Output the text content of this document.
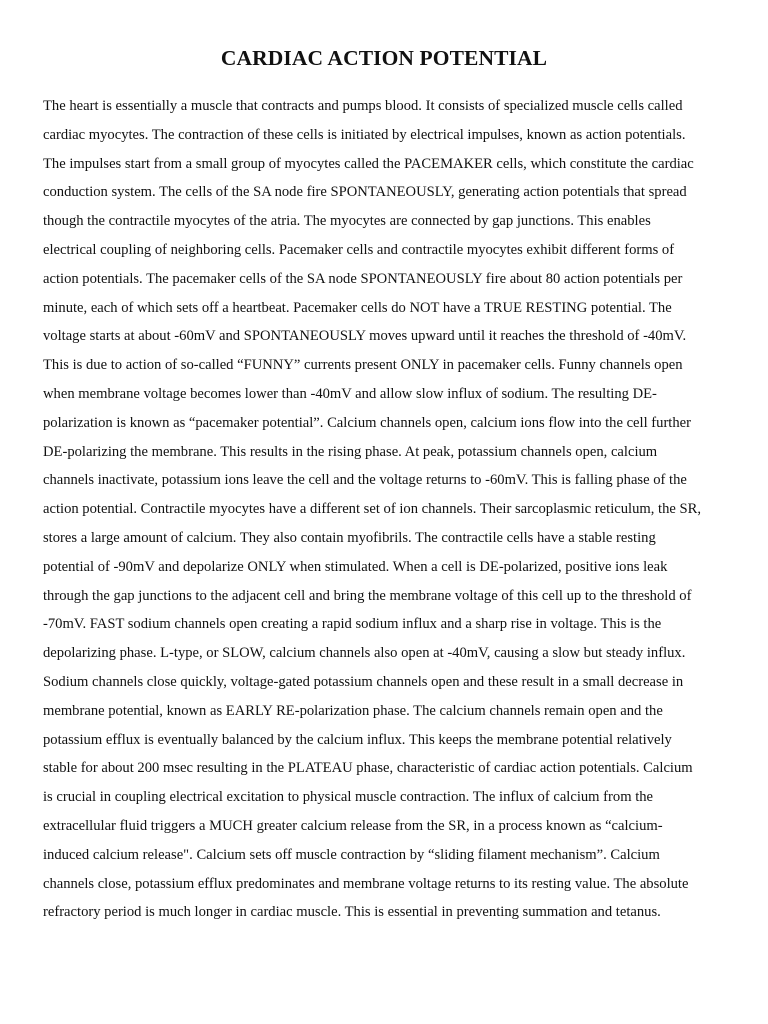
CARDIAC ACTION POTENTIAL

The heart is essentially a muscle that contracts and pumps blood. It consists of specialized muscle cells called
cardiac myocytes. The contraction of these cells is initiated by electrical impulses, known as action potentials.
The impulses start from a small group of myocytes called the PACEMAKER cells, which constitute the cardiac
conduction system. The cells of the SA node fire SPONTANEOUSLY, generating action potentials that spread
though the contractile myocytes of the atria. The myocytes are connected by gap junctions. This enables
electrical coupling of neighboring cells. Pacemaker cells and contractile myocytes exhibit different forms of
action potentials. The pacemaker cells of the SA node SPONTANEOUSLY fire about 80 action potentials per
minute, each of which sets off a heartbeat. Pacemaker cells do NOT have a TRUE RESTING potential. The
voltage starts at about -60mV and SPONTANEOUSLY moves upward until it reaches the threshold of -40mV.
This is due to action of so-called “FUNNY” currents present ONLY in pacemaker cells. Funny channels open
when membrane voltage becomes lower than -40mV and allow slow influx of sodium. The resulting DE-
polarization is known as “pacemaker potential”. Calcium channels open, calcium ions flow into the cell further
DE-polarizing the membrane. This results in the rising phase. At peak, potassium channels open, calcium
channels inactivate, potassium ions leave the cell and the voltage returns to -60mV. This is falling phase of the
action potential. Contractile myocytes have a different set of ion channels. Their sarcoplasmic reticulum, the SR,
stores a large amount of calcium. They also contain myofibrils. The contractile cells have a stable resting
potential of -90mV and depolarize ONLY when stimulated. When a cell is DE-polarized, positive ions leak
through the gap junctions to the adjacent cell and bring the membrane voltage of this cell up to the threshold of
-70mV. FAST sodium channels open creating a rapid sodium influx and a sharp rise in voltage. This is the
depolarizing phase. L-type, or SLOW, calcium channels also open at -40mV, causing a slow but steady influx.
Sodium channels close quickly, voltage-gated potassium channels open and these result in a small decrease in
membrane potential, known as EARLY RE-polarization phase. The calcium channels remain open and the
potassium efflux is eventually balanced by the calcium influx. This keeps the membrane potential relatively
stable for about 200 msec resulting in the PLATEAU phase, characteristic of cardiac action potentials. Calcium
is crucial in coupling electrical excitation to physical muscle contraction. The influx of calcium from the
extracellular fluid triggers a MUCH greater calcium release from the SR, in a process known as “calcium-
induced calcium release". Calcium sets off muscle contraction by “sliding filament mechanism”. Calcium
channels close, potassium efflux predominates and membrane voltage returns to its resting value. The absolute
refractory period is much longer in cardiac muscle. This is essential in preventing summation and tetanus.
